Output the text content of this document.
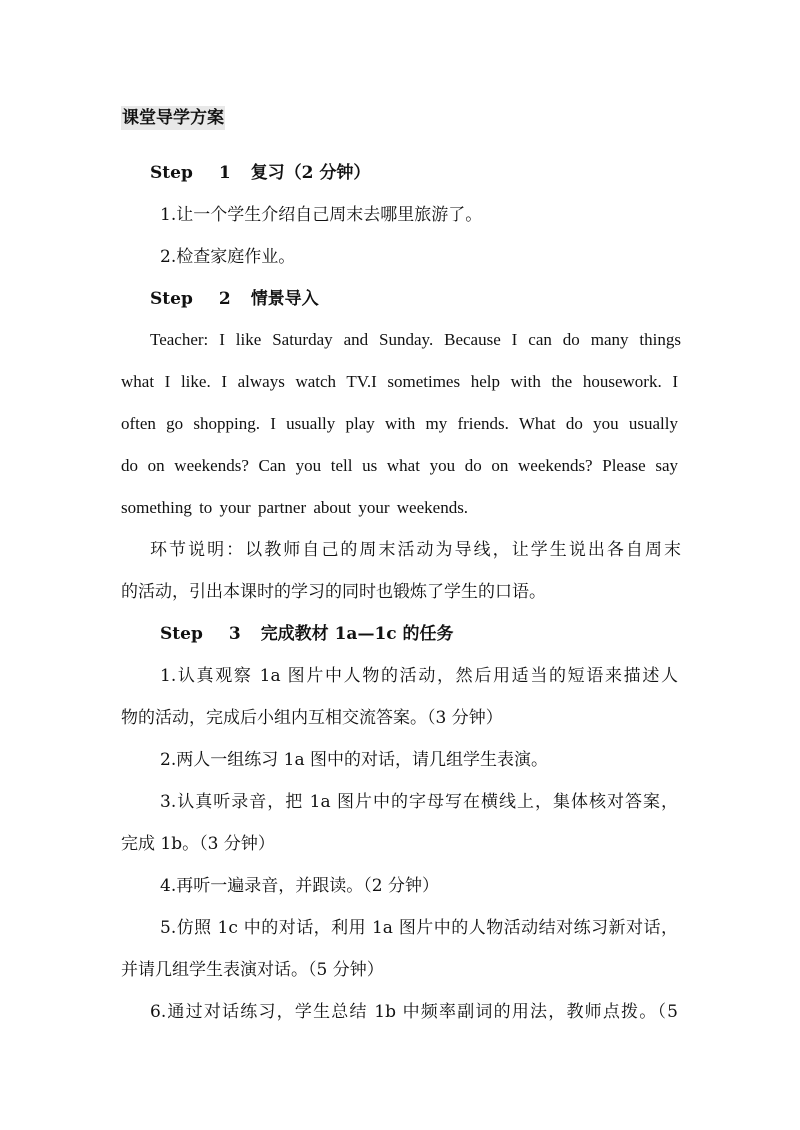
课堂导学方案
Step 1 复习（2 分钟）
1.让一个学生介绍自己周末去哪里旅游了。
2.检查家庭作业。
Step 2 情景导入
Teacher: I like Saturday and Sunday. Because I can do many things
what I like. I always watch TV.I sometimes help with the housework. I
often go shopping. I usually play with my friends. What do you usually
do on weekends? Can you tell us what you do on weekends? Please say
something to your partner about your weekends.
环节说明：以教师自己的周末活动为导线，让学生说出各自周末
的活动，引出本课时的学习的同时也锻炼了学生的口语。
Step 3 完成教材 1a—1c 的任务
1.认真观察 1a 图片中人物的活动，然后用适当的短语来描述人
物的活动，完成后小组内互相交流答案。（3 分钟）
2.两人一组练习 1a 图中的对话，请几组学生表演。
3.认真听录音，把 1a 图片中的字母写在横线上，集体核对答案，
完成 1b。（3 分钟）
4.再听一遍录音，并跟读。（2 分钟）
5.仿照 1c 中的对话，利用 1a 图片中的人物活动结对练习新对话，
并请几组学生表演对话。（5 分钟）
6.通过对话练习，学生总结 1b 中频率副词的用法，教师点拨。（5
